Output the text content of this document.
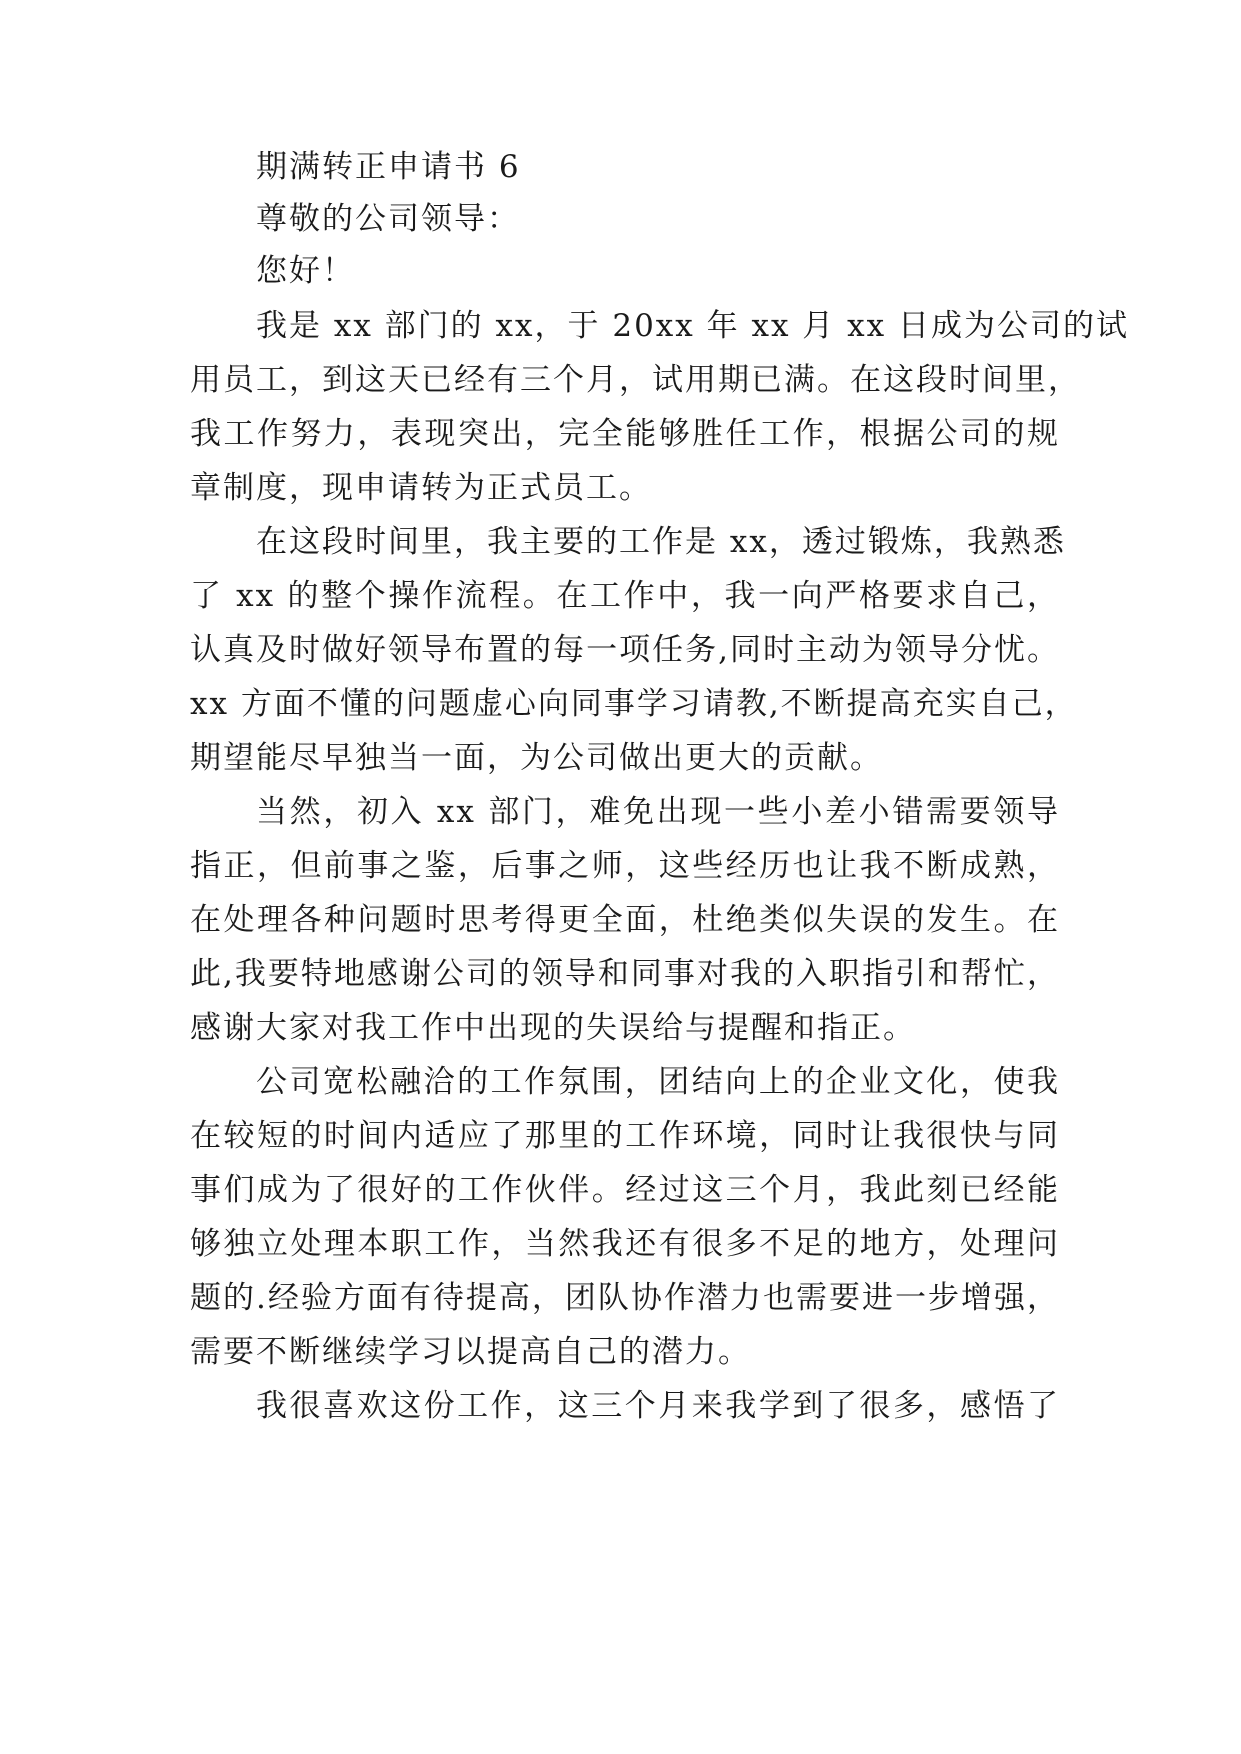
期满转正申请书 6
尊敬的公司领导：
您好！
我是 xx 部门的 xx，于 20xx 年 xx 月 xx 日成为公司的试
用员工，到这天已经有三个月，试用期已满。在这段时间里，
我工作努力，表现突出，完全能够胜任工作，根据公司的规
章制度，现申请转为正式员工。
在这段时间里，我主要的工作是 xx，透过锻炼，我熟悉
了 xx 的整个操作流程。在工作中，我一向严格要求自己，
认真及时做好领导布置的每一项任务,同时主动为领导分忧。
xx 方面不懂的问题虚心向同事学习请教,不断提高充实自己，
期望能尽早独当一面，为公司做出更大的贡献。
当然，初入 xx 部门，难免出现一些小差小错需要领导
指正，但前事之鉴，后事之师，这些经历也让我不断成熟，
在处理各种问题时思考得更全面，杜绝类似失误的发生。在
此,我要特地感谢公司的领导和同事对我的入职指引和帮忙，
感谢大家对我工作中出现的失误给与提醒和指正。
公司宽松融洽的工作氛围，团结向上的企业文化，使我
在较短的时间内适应了那里的工作环境，同时让我很快与同
事们成为了很好的工作伙伴。经过这三个月，我此刻已经能
够独立处理本职工作，当然我还有很多不足的地方，处理问
题的.经验方面有待提高，团队协作潜力也需要进一步增强，
需要不断继续学习以提高自己的潜力。
我很喜欢这份工作，这三个月来我学到了很多，感悟了
